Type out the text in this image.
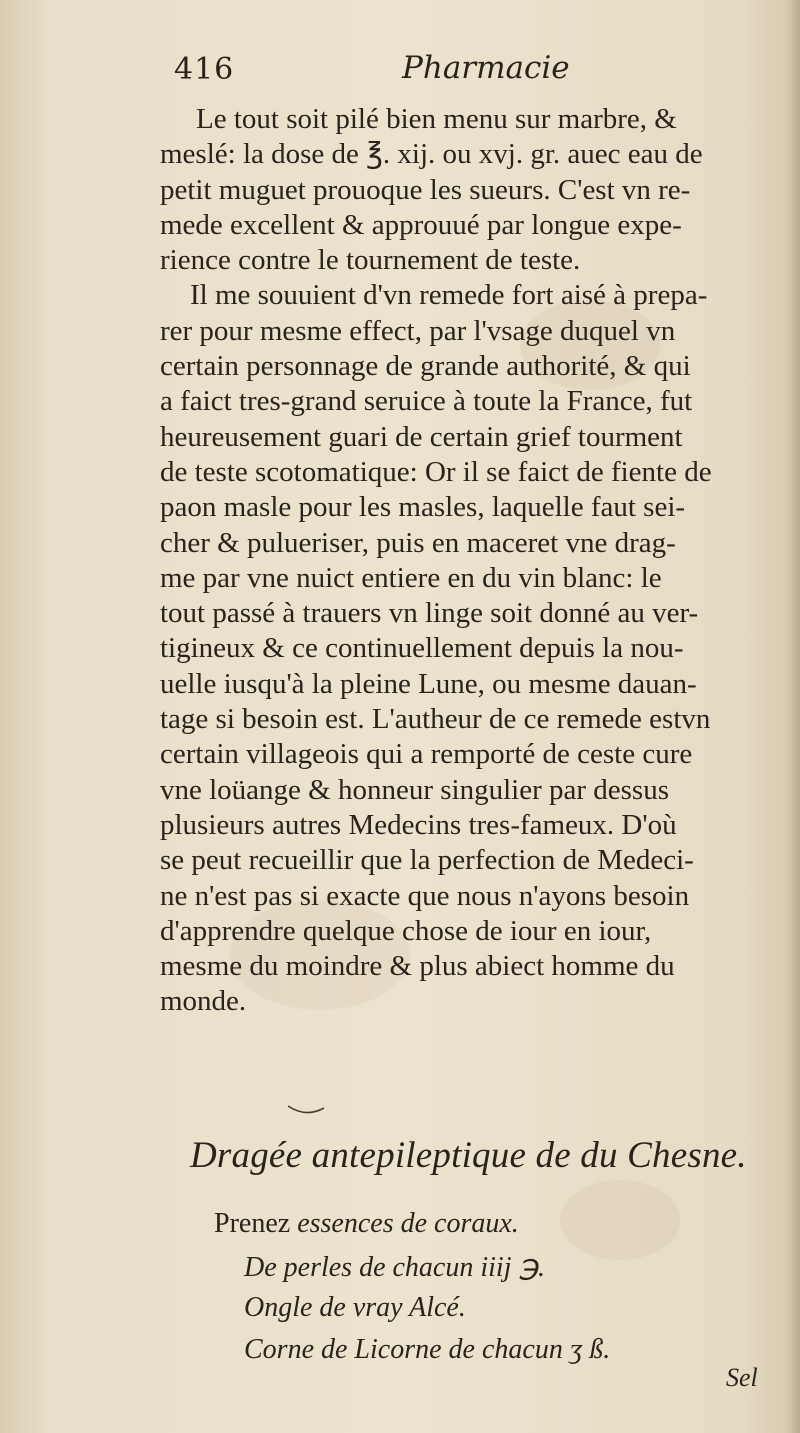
416	Pharmacie
Le tout soit pilé bien menu sur marbre, &
meslé: la dose de ℥. xij. ou xvj. gr. auec eau de
petit muguet prouoque les sueurs. C'est vn re-
mede excellent & approuué par longue expe-
rience contre le tournement de teste.
Il me souuient d'vn remede fort aisé à prepa-
rer pour mesme effect, par l'vsage duquel vn
certain personnage de grande authorité, & qui
a faict tres-grand seruice à toute la France, fut
heureusement guari de certain grief tourment
de teste scotomatique: Or il se faict de fiente de
paon masle pour les masles, laquelle faut sei-
cher & pulueriser, puis en maceret vne drag-
me par vne nuict entiere en du vin blanc: le
tout passé à trauers vn linge soit donné au ver-
tigineux & ce continuellement depuis la nou-
uelle iusqu'à la pleine Lune, ou mesme dauan-
tage si besoin est. L'autheur de ce remede estvn
certain villageois qui a remporté de ceste cure
vne loüange & honneur singulier par dessus
plusieurs autres Medecins tres-fameux. D'où
se peut recueillir que la perfection de Medeci-
ne n'est pas si exacte que nous n'ayons besoin
d'apprendre quelque chose de iour en iour,
mesme du moindre & plus abiect homme du
monde.
Dragée antepileptique de du Chesne.
Prenez essences de coraux.
De perles de chacun iiij ℈.
Ongle de vray Alcé.
Corne de Licorne de chacun ʒ ß.
Sel
